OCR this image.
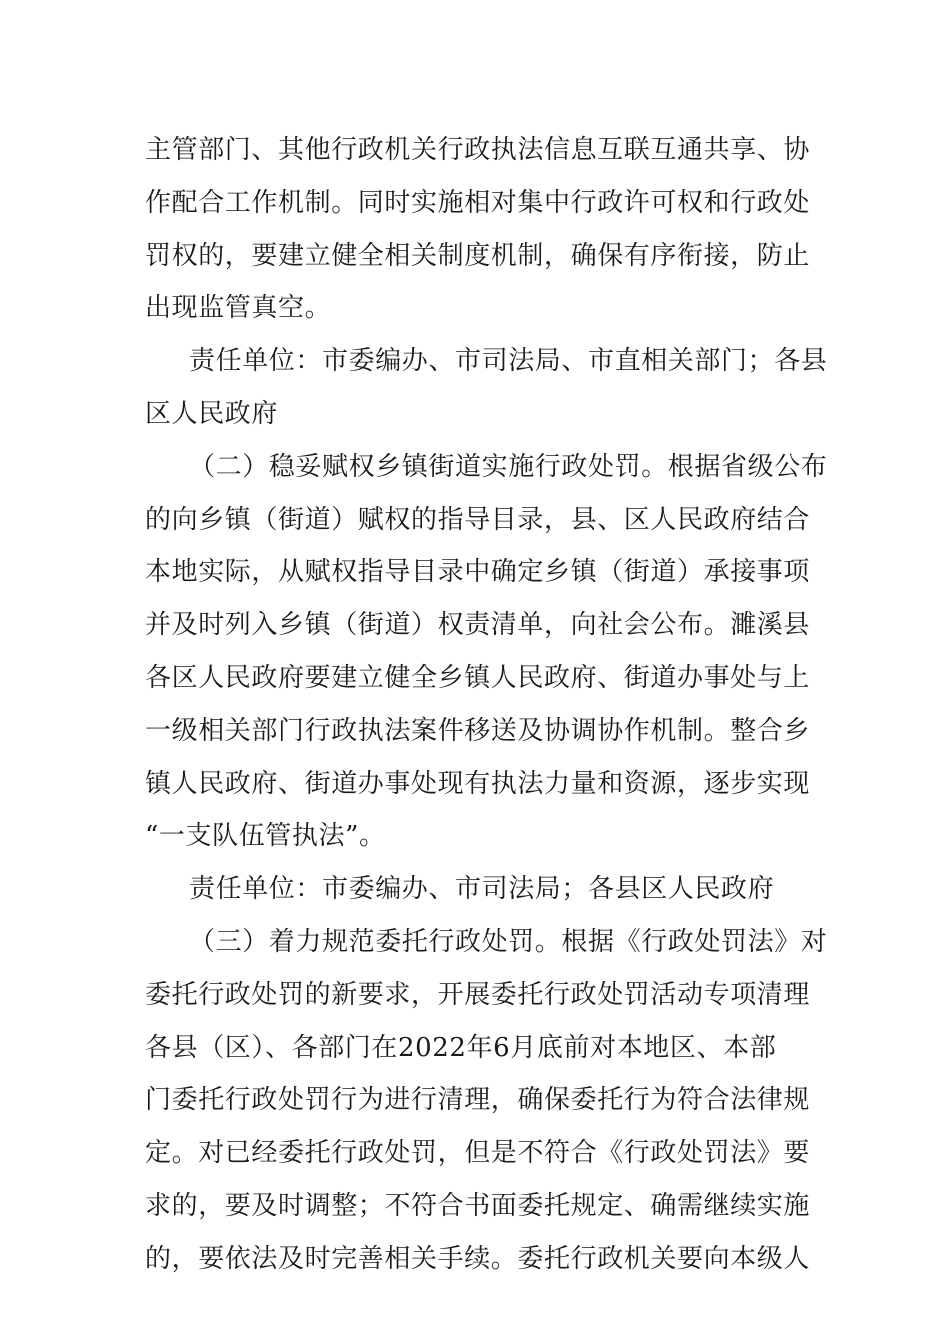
主管部门、其他行政机关行政执法信息互联互通共享、协
作配合工作机制。同时实施相对集中行政许可权和行政处
罚权的，要建立健全相关制度机制，确保有序衔接，防止
出现监管真空。
责任单位：市委编办、市司法局、市直相关部门；各县
区人民政府
（二）稳妥赋权乡镇街道实施行政处罚。根据省级公布
的向乡镇（街道）赋权的指导目录，县、区人民政府结合
本地实际，从赋权指导目录中确定乡镇（街道）承接事项
并及时列入乡镇（街道）权责清单，向社会公布。濉溪县
各区人民政府要建立健全乡镇人民政府、街道办事处与上
一级相关部门行政执法案件移送及协调协作机制。整合乡
镇人民政府、街道办事处现有执法力量和资源，逐步实现
“一支队伍管执法”。
责任单位：市委编办、市司法局；各县区人民政府
（三）着力规范委托行政处罚。根据《行政处罚法》对
委托行政处罚的新要求，开展委托行政处罚活动专项清理
各县（区）、各部门在2022年6月底前对本地区、本部
门委托行政处罚行为进行清理，确保委托行为符合法律规
定。对已经委托行政处罚，但是不符合《行政处罚法》要
求的，要及时调整；不符合书面委托规定、确需继续实施
的，要依法及时完善相关手续。委托行政机关要向本级人
